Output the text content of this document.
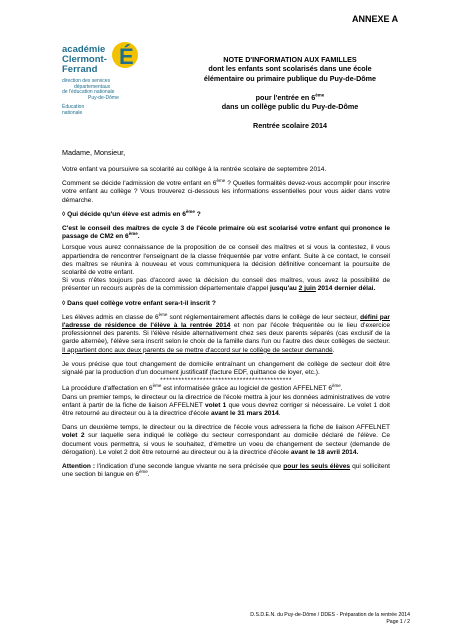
ANNEXE A
É
académie
Clermont-Ferrand
direction des services
départementaux
de l'éducation nationale
Puy-de-Dôme
Éducation
nationale
NOTE D'INFORMATION AUX FAMILLES
dont les enfants sont scolarisés dans une école
élémentaire ou primaire publique du Puy-de-Dôme
pour l'entrée en 6ème
dans un collège public du Puy-de-Dôme
Rentrée scolaire 2014
Madame, Monsieur,

Votre enfant va poursuivre sa scolarité au collège à la rentrée scolaire de septembre 2014.

Comment se décide l'admission de votre enfant en 6ème ? Quelles formalités devez-vous accomplir pour inscrire votre enfant au collège ? Vous trouverez ci-dessous les informations essentielles pour vous aider dans votre démarche.

◊ Qui décide qu'un élève est admis en 6ème ?

C'est le conseil des maîtres de cycle 3 de l'école primaire où est scolarisé votre enfant qui prononce le passage de CM2 en 6ème.

Lorsque vous aurez connaissance de la proposition de ce conseil des maîtres et si vous la contestez, il vous appartiendra de rencontrer l'enseignant de la classe fréquentée par votre enfant. Suite à ce contact, le conseil des maîtres se réunira à nouveau et vous communiquera la décision définitive concernant la poursuite de scolarité de votre enfant.

Si vous n'êtes toujours pas d'accord avec la décision du conseil des maîtres, vous avez la possibilité de présenter un recours auprès de la commission départementale d'appel jusqu'au 2 juin 2014 dernier délai.

◊ Dans quel collège votre enfant sera-t-il inscrit ?

Les élèves admis en classe de 6ème sont réglementairement affectés dans le collège de leur secteur, défini par l'adresse de résidence de l'élève à la rentrée 2014 et non par l'école fréquentée ou le lieu d'exercice professionnel des parents. Si l'élève réside alternativement chez ses deux parents séparés (cas exclusif de la garde alternée), l'élève sera inscrit selon le choix de la famille dans l'un ou l'autre des deux collèges de secteur. Il appartient donc aux deux parents de se mettre d'accord sur le collège de secteur demandé.

Je vous précise que tout changement de domicile entraînant un changement de collège de secteur doit être signalé par la production d'un document justificatif (facture EDF, quittance de loyer, etc.).

*******************************************

La procédure d'affectation en 6ème est informatisée grâce au logiciel de gestion AFFELNET 6ème.

Dans un premier temps, le directeur ou la directrice de l'école mettra à jour les données administratives de votre enfant à partir de la fiche de liaison AFFELNET volet 1 que vous devrez corriger si nécessaire. Le volet 1 doit être retourné au directeur ou à la directrice d'école avant le 31 mars 2014.

Dans un deuxième temps, le directeur ou la directrice de l'école vous adressera la fiche de liaison AFFELNET volet 2 sur laquelle sera indiqué le collège du secteur correspondant au domicile déclaré de l'élève. Ce document vous permettra, si vous le souhaitez, d'émettre un voeu de changement de secteur (demande de dérogation). Le volet 2 doit être retourné au directeur ou à la directrice d'école avant le 18 avril 2014.

Attention : l'indication d'une seconde langue vivante ne sera précisée que pour les seuls élèves qui sollicitent une section bi langue en 6ème.

D.S.D.E.N. du Puy-de-Dôme / DDES - Préparation de la rentrée 2014
Page 1 / 2
